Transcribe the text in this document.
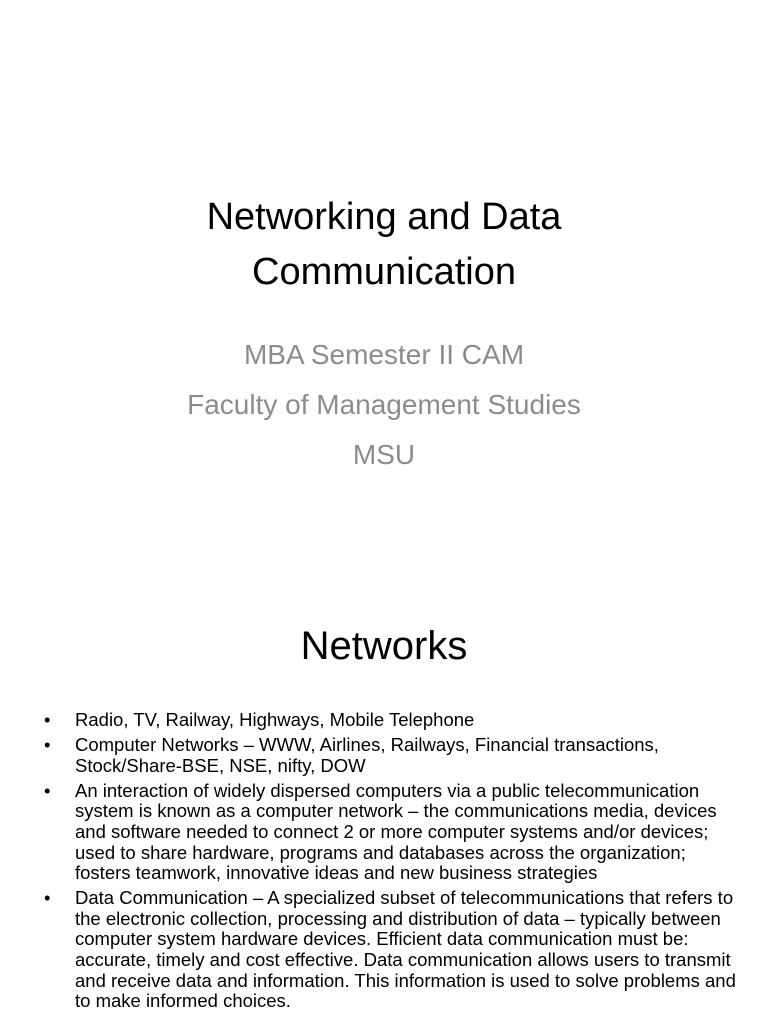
Networking and Data
Communication
MBA Semester II CAM
Faculty of Management Studies
MSU
Networks
• Radio, TV, Railway, Highways, Mobile Telephone
• Computer Networks – WWW, Airlines, Railways, Financial transactions, Stock/Share-BSE, NSE, nifty, DOW
• An interaction of widely dispersed computers via a public telecommunication system is known as a computer network – the communications media, devices and software needed to connect 2 or more computer systems and/or devices; used to share hardware, programs and databases across the organization; fosters teamwork, innovative ideas and new business strategies
• Data Communication – A specialized subset of telecommunications that refers to the electronic collection, processing and distribution of data – typically between computer system hardware devices. Efficient data communication must be: accurate, timely and cost effective. Data communication allows users to transmit and receive data and information. This information is used to solve problems and to make informed choices.
